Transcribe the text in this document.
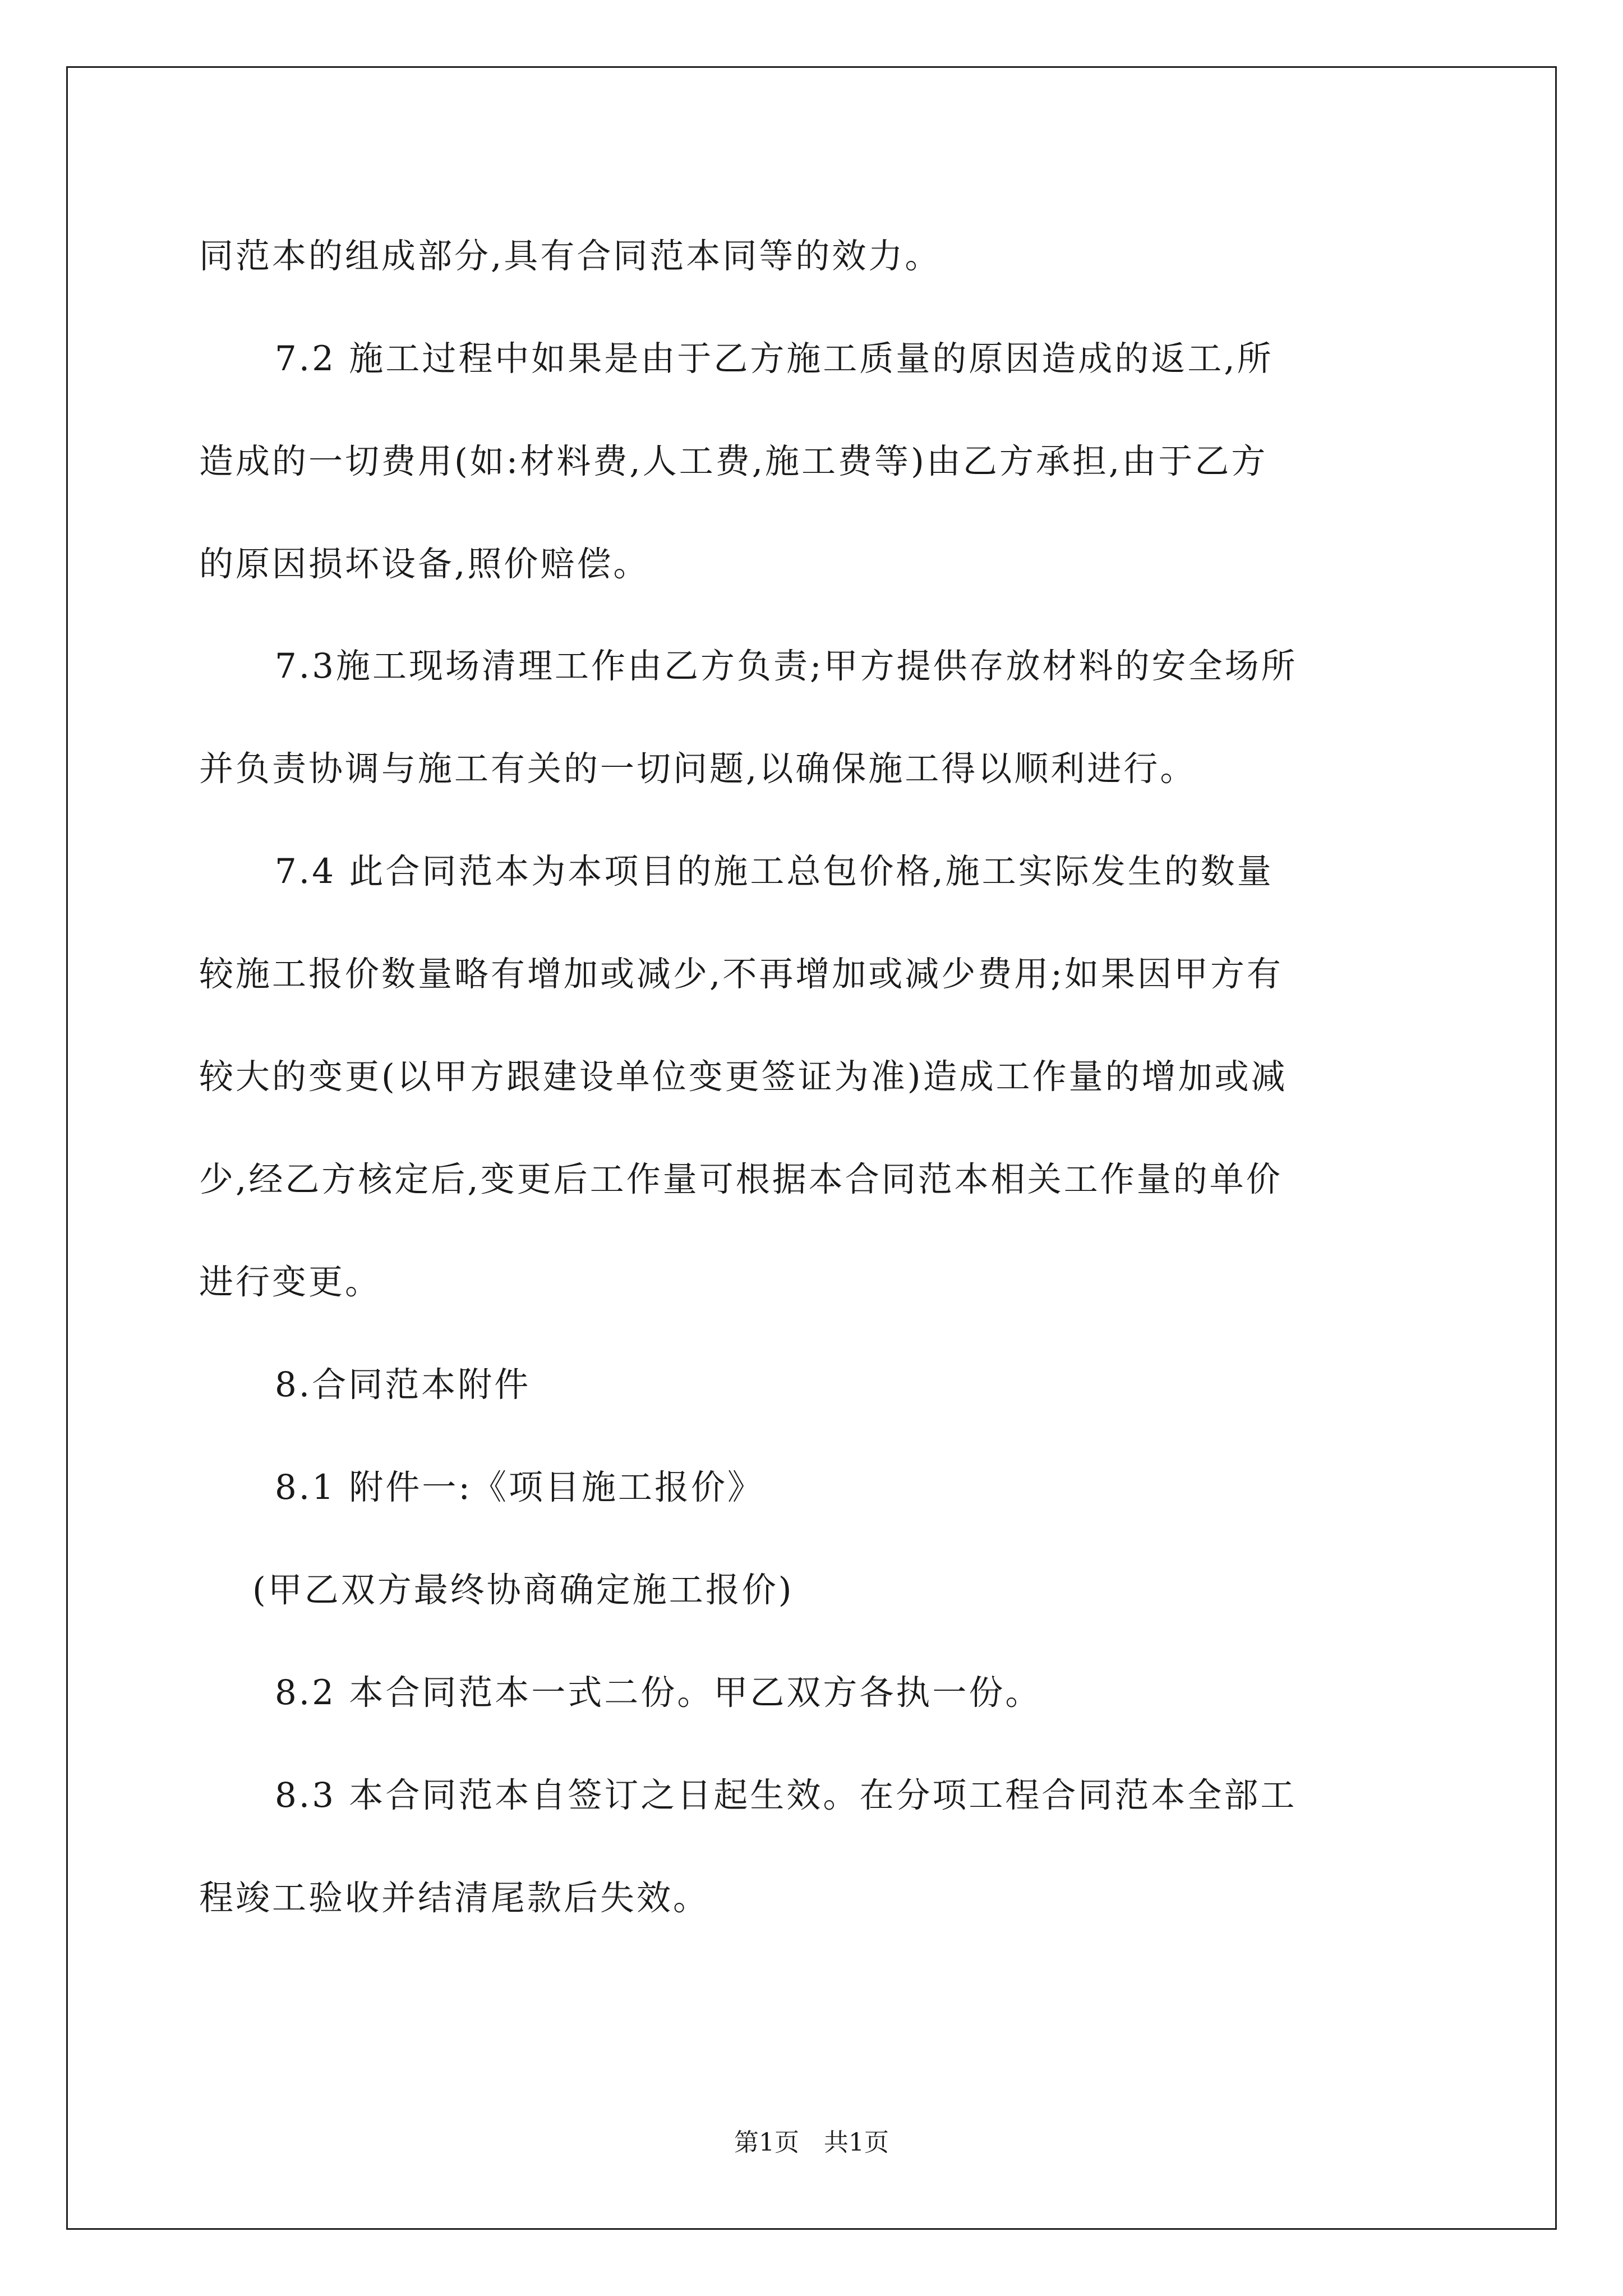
同范本的组成部分,具有合同范本同等的效力。
7.2 施工过程中如果是由于乙方施工质量的原因造成的返工,所
造成的一切费用(如:材料费,人工费,施工费等)由乙方承担,由于乙方
的原因损坏设备,照价赔偿。
7.3施工现场清理工作由乙方负责;甲方提供存放材料的安全场所
并负责协调与施工有关的一切问题,以确保施工得以顺利进行。
7.4 此合同范本为本项目的施工总包价格,施工实际发生的数量
较施工报价数量略有增加或减少,不再增加或减少费用;如果因甲方有
较大的变更(以甲方跟建设单位变更签证为准)造成工作量的增加或减
少,经乙方核定后,变更后工作量可根据本合同范本相关工作量的单价
进行变更。
8.合同范本附件
8.1 附件一:《项目施工报价》
(甲乙双方最终协商确定施工报价)
8.2 本合同范本一式二份。甲乙双方各执一份。
8.3 本合同范本自签订之日起生效。在分项工程合同范本全部工
程竣工验收并结清尾款后失效。
第1页　共1页
